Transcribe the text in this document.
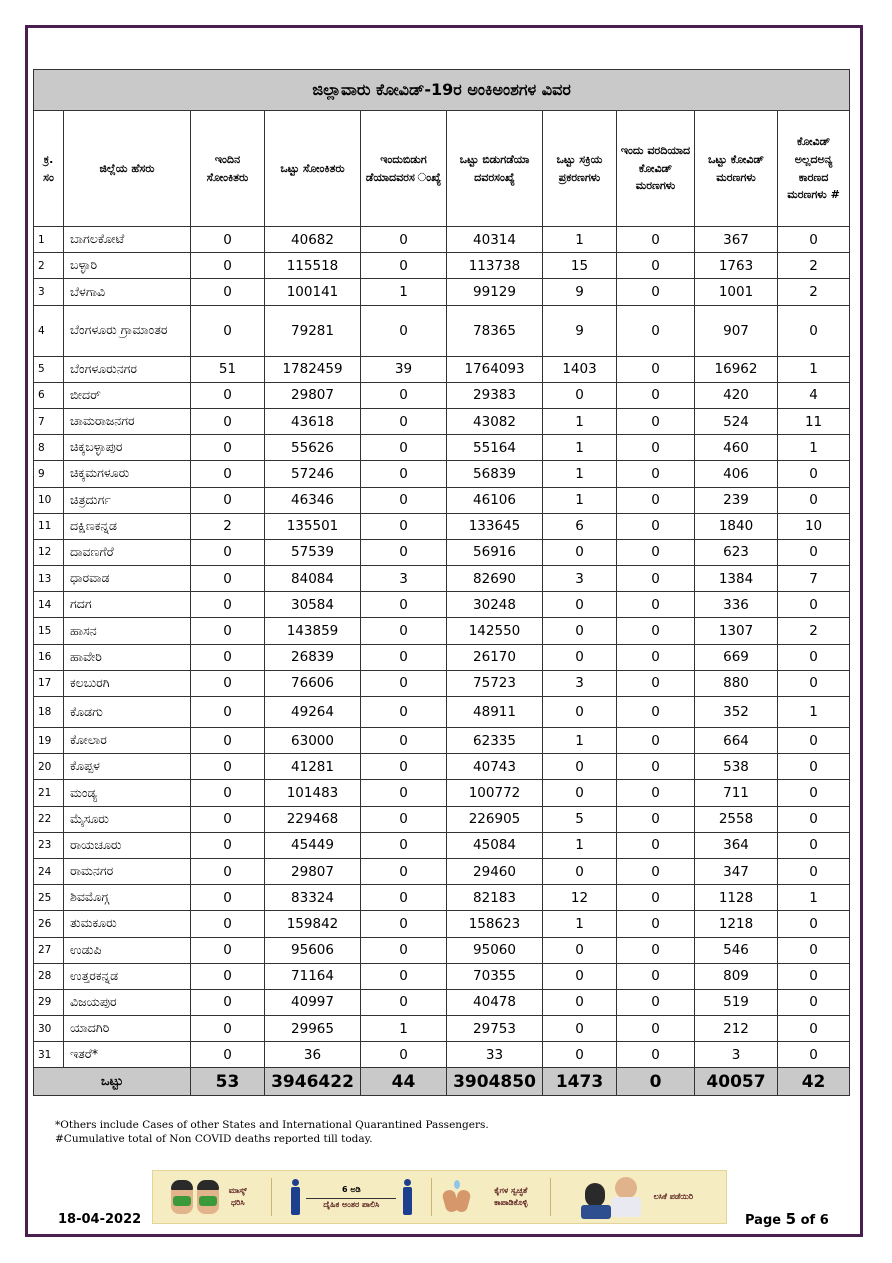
ಜಿಲ್ಲಾವಾರು ಕೋವಿಡ್-19ರ ಅಂಕಿಅಂಶಗಳ ವಿವರ									
ಕ್ರ. ಸಂ	ಜಿಲ್ಲೆಯ ಹೆಸರು	ಇಂದಿನ ಸೋಂಕಿತರು	ಒಟ್ಟು ಸೋಂಕಿತರು	ಇಂದುಬಿಡುಗ ಡೆಯಾದವರಸ ಂಖ್ಯೆ	ಒಟ್ಟು ಬಿಡುಗಡೆಯಾ ದವರಸಂಖ್ಯೆ	ಒಟ್ಟು ಸಕ್ರಿಯ ಪ್ರಕರಣಗಳು	ಇಂದು ವರದಿಯಾದ ಕೋವಿಡ್ ಮರಣಗಳು	ಒಟ್ಟು ಕೋವಿಡ್ ಮರಣಗಳು	ಕೋವಿಡ್ ಅಲ್ಲದಅನ್ಯ ಕಾರಣದ ಮರಣಗಳು #
1	ಬಾಗಲಕೋಟೆ	0	40682	0	40314	1	0	367	0
2	ಬಳ್ಳಾರಿ	0	115518	0	113738	15	0	1763	2
3	ಬೆಳಗಾವಿ	0	100141	1	99129	9	0	1001	2
4	ಬೆಂಗಳೂರು ಗ್ರಾಮಾಂತರ	0	79281	0	78365	9	0	907	0
5	ಬೆಂಗಳೂರುನಗರ	51	1782459	39	1764093	1403	0	16962	1
6	ಬೀದರ್	0	29807	0	29383	0	0	420	4
7	ಚಾಮರಾಜನಗರ	0	43618	0	43082	1	0	524	11
8	ಚಿಕ್ಕಬಳ್ಳಾಪುರ	0	55626	0	55164	1	0	460	1
9	ಚಿಕ್ಕಮಗಳೂರು	0	57246	0	56839	1	0	406	0
10	ಚಿತ್ರದುರ್ಗ	0	46346	0	46106	1	0	239	0
11	ದಕ್ಷಿಣಕನ್ನಡ	2	135501	0	133645	6	0	1840	10
12	ದಾವಣಗೆರೆ	0	57539	0	56916	0	0	623	0
13	ಧಾರವಾಡ	0	84084	3	82690	3	0	1384	7
14	ಗದಗ	0	30584	0	30248	0	0	336	0
15	ಹಾಸನ	0	143859	0	142550	0	0	1307	2
16	ಹಾವೇರಿ	0	26839	0	26170	0	0	669	0
17	ಕಲಬುರಗಿ	0	76606	0	75723	3	0	880	0
18	ಕೊಡಗು	0	49264	0	48911	0	0	352	1
19	ಕೋಲಾರ	0	63000	0	62335	1	0	664	0
20	ಕೊಪ್ಪಳ	0	41281	0	40743	0	0	538	0
21	ಮಂಡ್ಯ	0	101483	0	100772	0	0	711	0
22	ಮೈಸೂರು	0	229468	0	226905	5	0	2558	0
23	ರಾಯಚೂರು	0	45449	0	45084	1	0	364	0
24	ರಾಮನಗರ	0	29807	0	29460	0	0	347	0
25	ಶಿವಮೊಗ್ಗ	0	83324	0	82183	12	0	1128	1
26	ತುಮಕೂರು	0	159842	0	158623	1	0	1218	0
27	ಉಡುಪಿ	0	95606	0	95060	0	0	546	0
28	ಉತ್ತರಕನ್ನಡ	0	71164	0	70355	0	0	809	0
29	ವಿಜಯಪುರ	0	40997	0	40478	0	0	519	0
30	ಯಾದಗಿರಿ	0	29965	1	29753	0	0	212	0
31	ಇತರೆ*	0	36	0	33	0	0	3	0
ಒಟ್ಟು		53	3946422	44	3904850	1473	0	40057	42
*Others include Cases of other States and International Quarantined Passengers.
#Cumulative total of Non COVID deaths reported till today.
ಮಾಸ್ಕ್ ಧರಿಸಿ
6 ಅಡಿ
ದೈಹಿಕ ಅಂತರ ಪಾಲಿಸಿ
ಕೈಗಳ ಸ್ವಚ್ಛತೆ ಕಾಪಾಡಿಕೊಳ್ಳಿ
ಲಸಿಕೆ ಪಡೆಯಿರಿ
18-04-2022	Page 5 of 6
